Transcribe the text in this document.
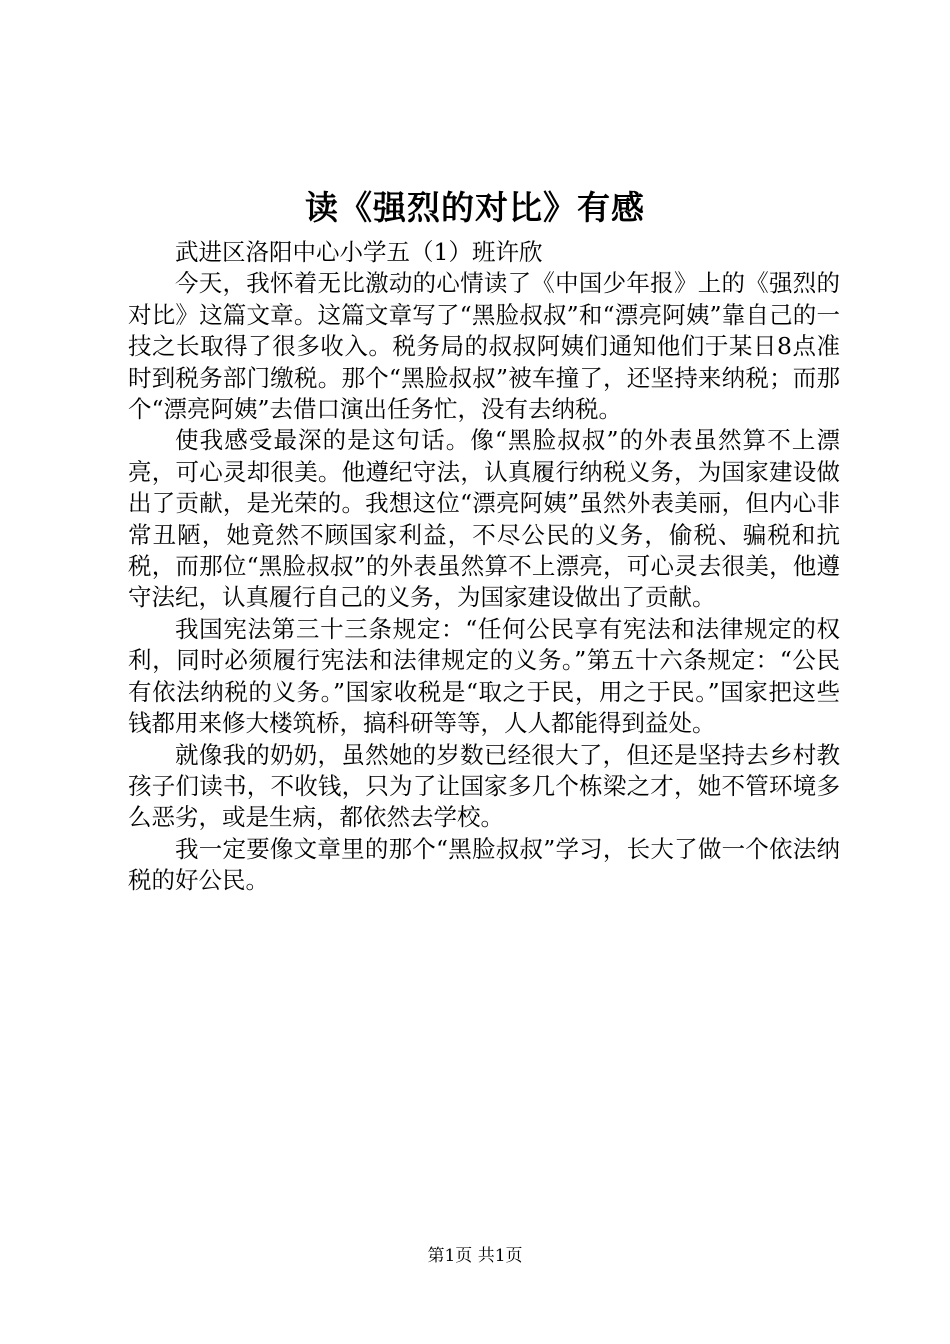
读《强烈的对比》有感

武进区洛阳中心小学五（1）班许欣

今天，我怀着无比激动的心情读了《中国少年报》上的《强烈的对比》这篇文章。这篇文章写了“黑脸叔叔”和“漂亮阿姨”靠自己的一技之长取得了很多收入。税务局的叔叔阿姨们通知他们于某日8点准时到税务部门缴税。那个“黑脸叔叔”被车撞了，还坚持来纳税；而那个“漂亮阿姨”去借口演出任务忙，没有去纳税。

使我感受最深的是这句话。像“黑脸叔叔”的外表虽然算不上漂亮，可心灵却很美。他遵纪守法，认真履行纳税义务，为国家建设做出了贡献，是光荣的。我想这位“漂亮阿姨”虽然外表美丽，但内心非常丑陋，她竟然不顾国家利益，不尽公民的义务，偷税、骗税和抗税，而那位“黑脸叔叔”的外表虽然算不上漂亮，可心灵去很美，他遵守法纪，认真履行自己的义务，为国家建设做出了贡献。

我国宪法第三十三条规定：“任何公民享有宪法和法律规定的权利，同时必须履行宪法和法律规定的义务。”第五十六条规定：“公民有依法纳税的义务。”国家收税是“取之于民，用之于民。”国家把这些钱都用来修大楼筑桥，搞科研等等，人人都能得到益处。

就像我的奶奶，虽然她的岁数已经很大了，但还是坚持去乡村教孩子们读书，不收钱，只为了让国家多几个栋梁之才，她不管环境多么恶劣，或是生病，都依然去学校。

我一定要像文章里的那个“黑脸叔叔”学习，长大了做一个依法纳税的好公民。

第1页 共1页
